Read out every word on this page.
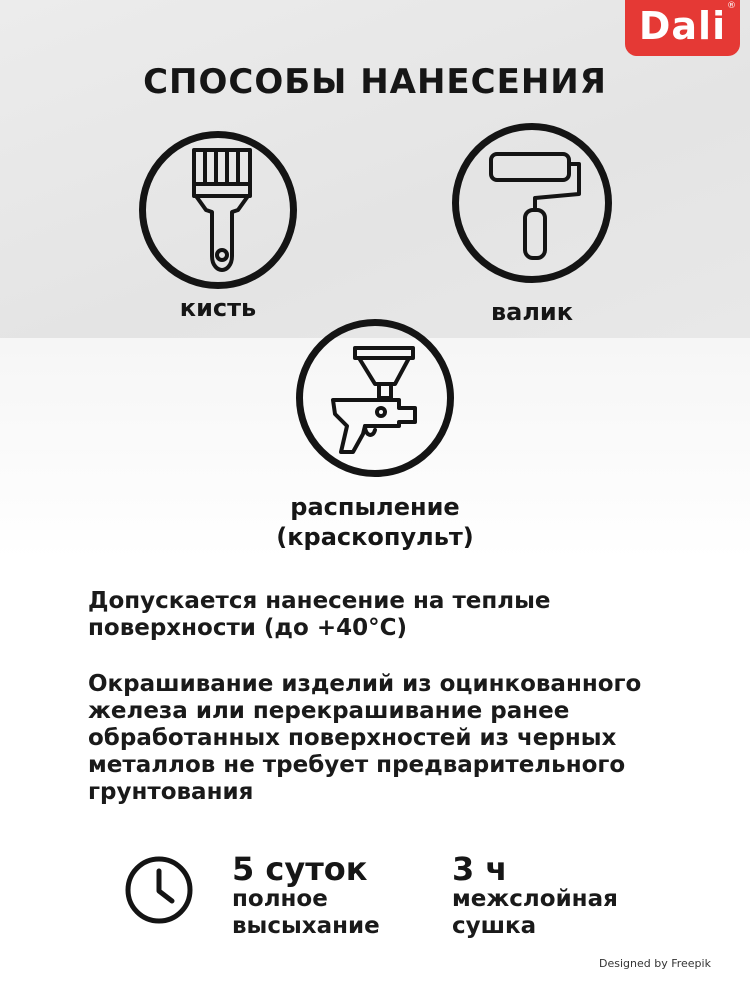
Dali ®
СПОСОБЫ НАНЕСЕНИЯ
кисть	валик
распыление
(краскопульт)
Допускается нанесение на теплые
поверхности (до +40°С)
Окрашивание изделий из оцинкованного
железа или перекрашивание ранее
обработанных поверхностей из черных
металлов не требует предварительного
грунтования
5 суток
полное
высыхание
3 ч
межслойная
сушка
Designed by Freepik
